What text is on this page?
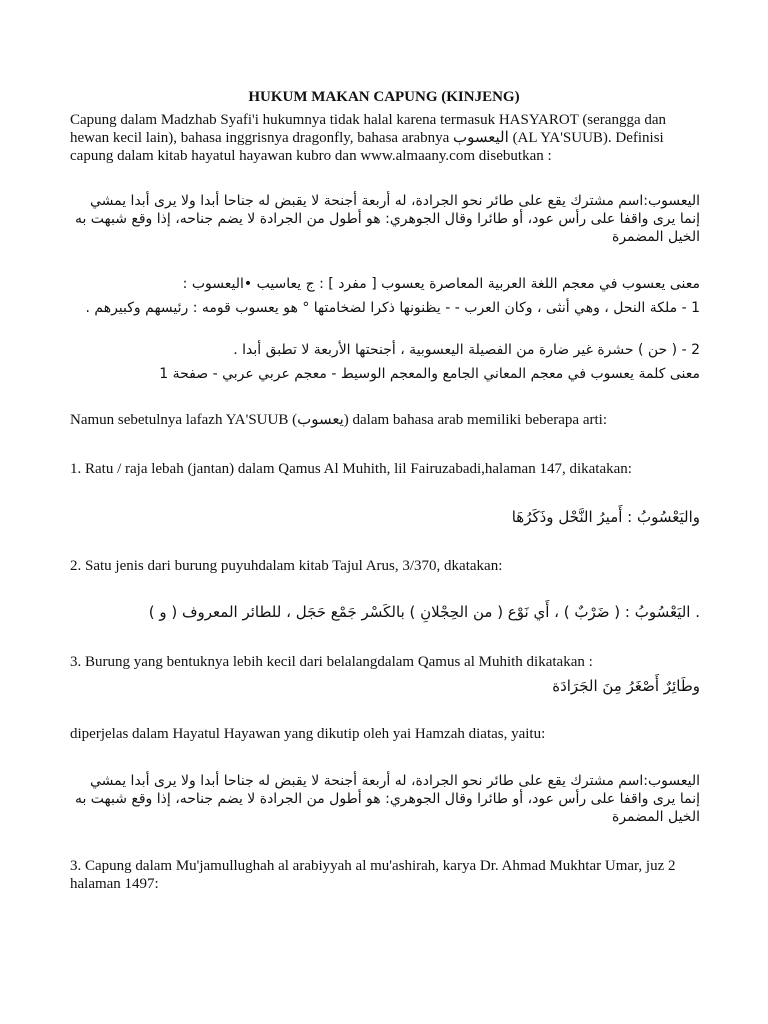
HUKUM MAKAN CAPUNG (KINJENG)
Capung dalam Madzhab Syafi'i hukumnya tidak halal karena termasuk HASYAROT (serangga dan hewan kecil lain), bahasa inggrisnya dragonfly, bahasa arabnya اليعسوب (AL YA'SUUB). Definisi capung dalam kitab hayatul hayawan kubro dan www.almaany.com disebutkan :
اليعسوب:اسم مشترك يقع على طائر نحو الجرادة، له أربعة أجنحة لا يقبض له جناحا أبدا ولا يرى أبدا يمشي إنما يرى واقفا على رأس عود، أو طائرا وقال الجوهري: هو أطول من الجرادة لا يضم جناحه، إذا وقع شبهت به الخيل المضمرة
معنى يعسوب في معجم اللغة العربية المعاصرة يعسوب [ مفرد ] : ج يعاسيب •اليعسوب :
1 - ملكة النحل ، وهي أنثى ، وكان العرب - - يظنونها ذكرا لضخامتها ° هو يعسوب قومه : رئيسهم وكبيرهم .
2 - ( حن ) حشرة غير ضارة من الفصيلة اليعسوبية ، أجنحتها الأربعة لا تطبق أبدا .
معنى كلمة يعسوب في معجم المعاني الجامع والمعجم الوسيط - معجم عربي عربي - صفحة 1
Namun sebetulnya lafazh YA'SUUB (يعسوب) dalam bahasa arab memiliki beberapa arti:
1. Ratu / raja lebah (jantan) dalam Qamus Al Muhith, lil Fairuzabadi,halaman 147, dikatakan:
واليَعْسُوبُ : أَميرُ النَّحْل وذَكَرُهَا
2. Satu jenis dari burung puyuhdalam kitab Tajul Arus, 3/370, dkatakan:
. اليَعْسُوبُ : ( ضَرْبٌ ) ، أَي نَوْع ( من الحِجْلانِ ) بالكَسْر جَمْع حَجَل ، للطائر المعروف ( و )
3. Burung yang bentuknya lebih kecil dari belalangdalam Qamus al Muhith dikatakan :
وطَائِرٌ أَصْغَرُ مِنَ الجَرَادَة
diperjelas dalam Hayatul Hayawan yang dikutip oleh yai Hamzah diatas, yaitu:
اليعسوب:اسم مشترك يقع على طائر نحو الجرادة، له أربعة أجنحة لا يقبض له جناحا أبدا ولا يرى أبدا يمشي إنما يرى واقفا على رأس عود، أو طائرا وقال الجوهري: هو أطول من الجرادة لا يضم جناحه، إذا وقع شبهت به الخيل المضمرة
3. Capung dalam Mu'jamullughah al arabiyyah al mu'ashirah, karya Dr. Ahmad Mukhtar Umar, juz 2 halaman 1497:
